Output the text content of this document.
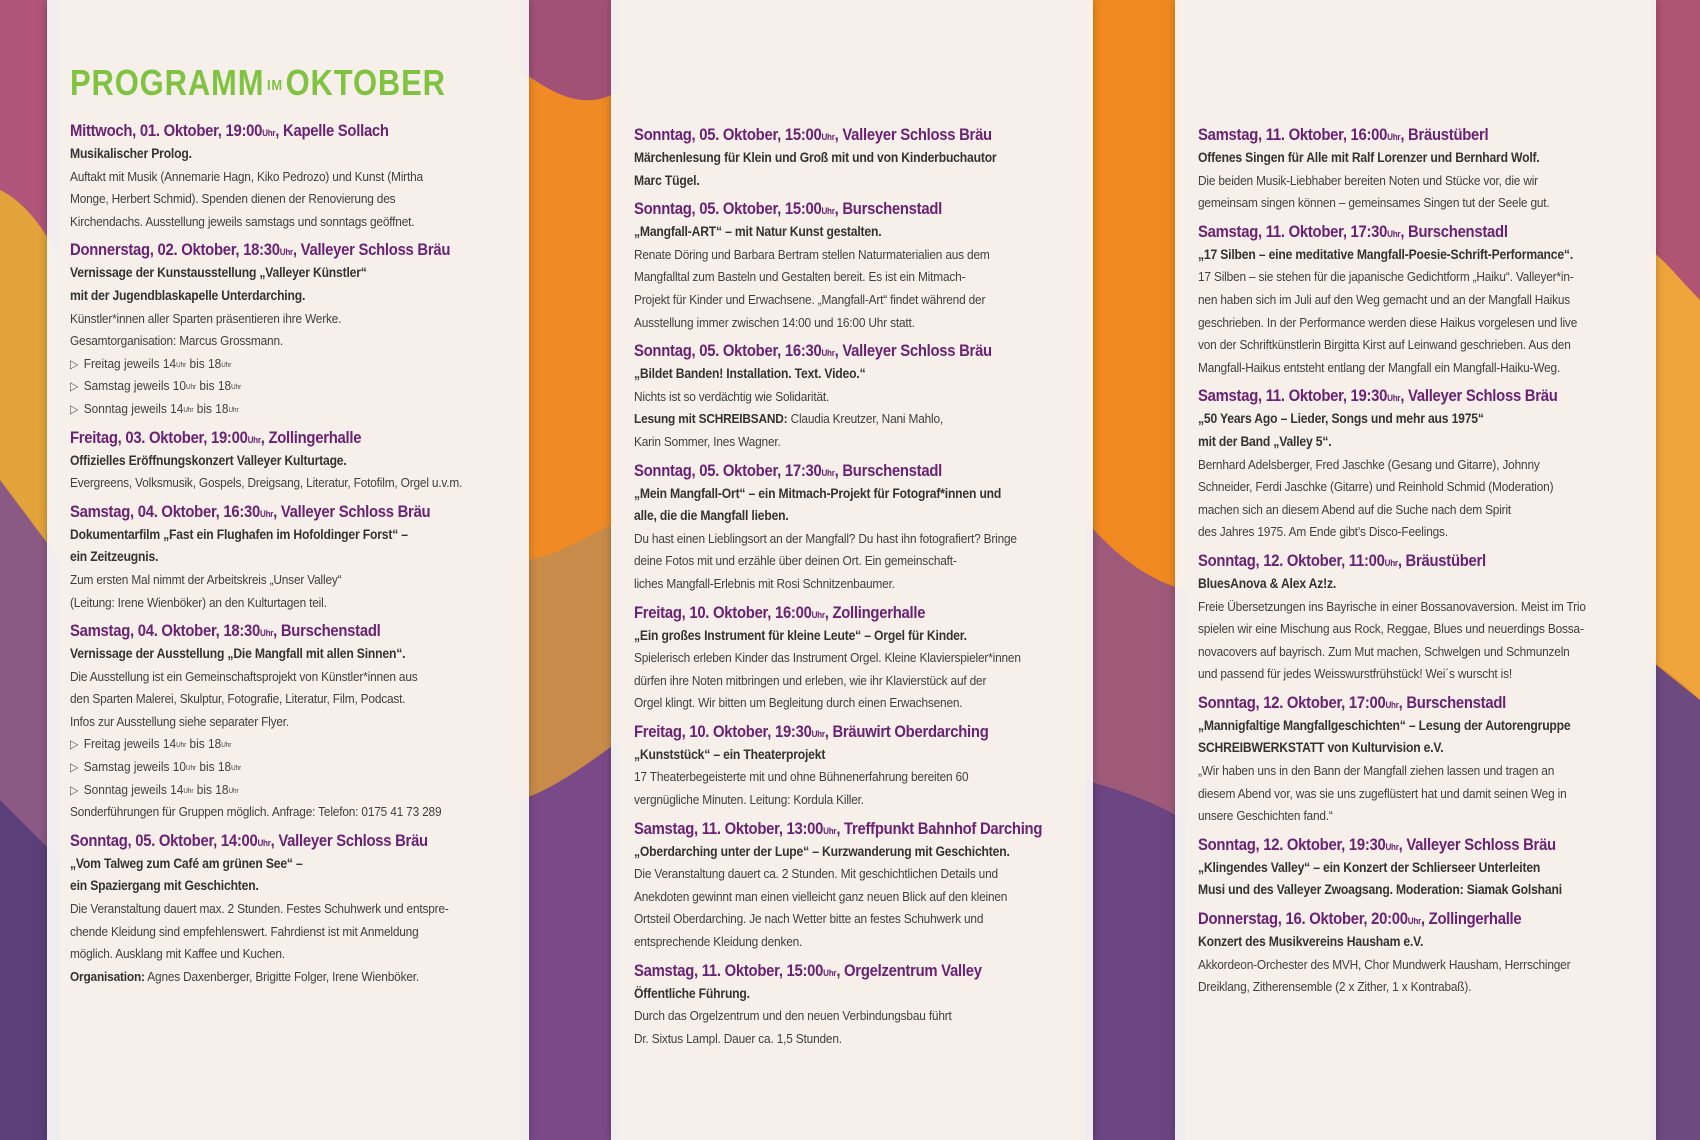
PROGRAMM $^{IM}$OKTOBER
Mittwoch, 01. Oktober, $19:00^{Uhr}$, Kapelle Sollach
Musikalischer Prolog.
Auftakt mit Musik (Annemarie Hagn, Kiko Pedrozo) und Kunst (Mirtha
Monge, Herbert Schmid). Spenden dienen der Renovierung des
Kirchendachs. Ausstellung jeweils samstags und sonntags geöffnet.
Donnerstag, 02. Oktober, $18:30^{Uhr}$, Valleyer Schloss Bräu
Vernissage der Kunstausstellung „Valleyer Künstler“
mit der Jugendblaskapelle Unterdarching.
Künstler*innen aller Sparten präsentieren ihre Werke.
Gesamtorganisation: Marcus Grossmann.
▷ Freitag jeweils $14^{Uhr}$ bis $18^{Uhr}$
▷ Samstag jeweils $10^{Uhr}$ bis $18^{Uhr}$
▷ Sonntag jeweils $14^{Uhr}$ bis $18^{Uhr}$
Freitag, 03. Oktober, $19:00^{Uhr}$, Zollingerhalle
Offizielles Eröffnungskonzert Valleyer Kulturtage.
Evergreens, Volksmusik, Gospels, Dreigsang, Literatur, Fotofilm, Orgel u.v.m.
Samstag, 04. Oktober, $16:30^{Uhr}$, Valleyer Schloss Bräu
Dokumentarfilm „Fast ein Flughafen im Hofoldinger Forst“ –
ein Zeitzeugnis.
Zum ersten Mal nimmt der Arbeitskreis „Unser Valley“
(Leitung: Irene Wienböker) an den Kulturtagen teil.
Samstag, 04. Oktober, $18:30^{Uhr}$, Burschenstadl
Vernissage der Ausstellung „Die Mangfall mit allen Sinnen“.
Die Ausstellung ist ein Gemeinschaftsprojekt von Künstler*innen aus
den Sparten Malerei, Skulptur, Fotografie, Literatur, Film, Podcast.
Infos zur Ausstellung siehe separater Flyer.
▷ Freitag jeweils $14^{Uhr}$ bis $18^{Uhr}$
▷ Samstag jeweils $10^{Uhr}$ bis $18^{Uhr}$
▷ Sonntag jeweils $14^{Uhr}$ bis $18^{Uhr}$
Sonderführungen für Gruppen möglich. Anfrage: Telefon: 0175 41 73 289
Sonntag, 05. Oktober, $14:00^{Uhr}$, Valleyer Schloss Bräu
„Vom Talweg zum Café am grünen See“ –
ein Spaziergang mit Geschichten.
Die Veranstaltung dauert max. 2 Stunden. Festes Schuhwerk und entspre-
chende Kleidung sind empfehlenswert. Fahrdienst ist mit Anmeldung
möglich. Ausklang mit Kaffee und Kuchen.
Organisation: Agnes Daxenberger, Brigitte Folger, Irene Wienböker.
Sonntag, 05. Oktober, $15:00^{Uhr}$, Valleyer Schloss Bräu
Märchenlesung für Klein und Groß mit und von Kinderbuchautor
Marc Tügel.
Sonntag, 05. Oktober, $15:00^{Uhr}$, Burschenstadl
„Mangfall-ART“ – mit Natur Kunst gestalten.
Renate Döring und Barbara Bertram stellen Naturmaterialien aus dem
Mangfalltal zum Basteln und Gestalten bereit. Es ist ein Mitmach-
Projekt für Kinder und Erwachsene. „Mangfall-Art“ findet während der
Ausstellung immer zwischen 14:00 und 16:00 Uhr statt.
Sonntag, 05. Oktober, $16:30^{Uhr}$, Valleyer Schloss Bräu
„Bildet Banden! Installation. Text. Video.“
Nichts ist so verdächtig wie Solidarität.
Lesung mit SCHREIBSAND: Claudia Kreutzer, Nani Mahlo,
Karin Sommer, Ines Wagner.
Sonntag, 05. Oktober, $17:30^{Uhr}$, Burschenstadl
„Mein Mangfall-Ort“ – ein Mitmach-Projekt für Fotograf*innen und
alle, die die Mangfall lieben.
Du hast einen Lieblingsort an der Mangfall? Du hast ihn fotografiert? Bringe
deine Fotos mit und erzähle über deinen Ort. Ein gemeinschaft-
liches Mangfall-Erlebnis mit Rosi Schnitzenbaumer.
Freitag, 10. Oktober, $16:00^{Uhr}$, Zollingerhalle
„Ein großes Instrument für kleine Leute“ – Orgel für Kinder.
Spielerisch erleben Kinder das Instrument Orgel. Kleine Klavierspieler*innen
dürfen ihre Noten mitbringen und erleben, wie ihr Klavierstück auf der
Orgel klingt. Wir bitten um Begleitung durch einen Erwachsenen.
Freitag, 10. Oktober, $19:30^{Uhr}$, Bräuwirt Oberdarching
„Kunststück“ – ein Theaterprojekt
17 Theaterbegeisterte mit und ohne Bühnenerfahrung bereiten 60
vergnügliche Minuten. Leitung: Kordula Killer.
Samstag, 11. Oktober, $13:00^{Uhr}$, Treffpunkt Bahnhof Darching
„Oberdarching unter der Lupe“ – Kurzwanderung mit Geschichten.
Die Veranstaltung dauert ca. 2 Stunden. Mit geschichtlichen Details und
Anekdoten gewinnt man einen vielleicht ganz neuen Blick auf den kleinen
Ortsteil Oberdarching. Je nach Wetter bitte an festes Schuhwerk und
entsprechende Kleidung denken.
Samstag, 11. Oktober, $15:00^{Uhr}$, Orgelzentrum Valley
Öffentliche Führung.
Durch das Orgelzentrum und den neuen Verbindungsbau führt
Dr. Sixtus Lampl. Dauer ca. 1,5 Stunden.
Samstag, 11. Oktober, $16:00^{Uhr}$, Bräustüberl
Offenes Singen für Alle mit Ralf Lorenzer und Bernhard Wolf.
Die beiden Musik-Liebhaber bereiten Noten und Stücke vor, die wir
gemeinsam singen können – gemeinsames Singen tut der Seele gut.
Samstag, 11. Oktober, $17:30^{Uhr}$, Burschenstadl
„17 Silben – eine meditative Mangfall-Poesie-Schrift-Performance“.
17 Silben – sie stehen für die japanische Gedichtform „Haiku“. Valleyer*in-
nen haben sich im Juli auf den Weg gemacht und an der Mangfall Haikus
geschrieben. In der Performance werden diese Haikus vorgelesen und live
von der Schriftkünstlerin Birgitta Kirst auf Leinwand geschrieben. Aus den
Mangfall-Haikus entsteht entlang der Mangfall ein Mangfall-Haiku-Weg.
Samstag, 11. Oktober, $19:30^{Uhr}$, Valleyer Schloss Bräu
„50 Years Ago – Lieder, Songs und mehr aus 1975“
mit der Band „Valley 5“.
Bernhard Adelsberger, Fred Jaschke (Gesang und Gitarre), Johnny
Schneider, Ferdi Jaschke (Gitarre) und Reinhold Schmid (Moderation)
machen sich an diesem Abend auf die Suche nach dem Spirit
des Jahres 1975. Am Ende gibt’s Disco-Feelings.
Sonntag, 12. Oktober, $11:00^{Uhr}$, Bräustüberl
BluesAnova & Alex Az!z.
Freie Übersetzungen ins Bayrische in einer Bossanovaversion. Meist im Trio
spielen wir eine Mischung aus Rock, Reggae, Blues und neuerdings Bossa-
novacovers auf bayrisch. Zum Mut machen, Schwelgen und Schmunzeln
und passend für jedes Weisswurstfrühstück! Wei´s wurscht is!
Sonntag, 12. Oktober, $17:00^{Uhr}$, Burschenstadl
„Mannigfaltige Mangfallgeschichten“ – Lesung der Autorengruppe
SCHREIBWERKSTATT von Kulturvision e.V.
„Wir haben uns in den Bann der Mangfall ziehen lassen und tragen an
diesem Abend vor, was sie uns zugeflüstert hat und damit seinen Weg in
unsere Geschichten fand.“
Sonntag, 12. Oktober, $19:30^{Uhr}$, Valleyer Schloss Bräu
„Klingendes Valley“ – ein Konzert der Schlierseer Unterleiten
Musi und des Valleyer Zwoagsang. Moderation: Siamak Golshani
Donnerstag, 16. Oktober, $20:00^{Uhr}$, Zollingerhalle
Konzert des Musikvereins Hausham e.V.
Akkordeon-Orchester des MVH, Chor Mundwerk Hausham, Herrschinger
Dreiklang, Zitherensemble (2 x Zither, 1 x Kontrabaß).
